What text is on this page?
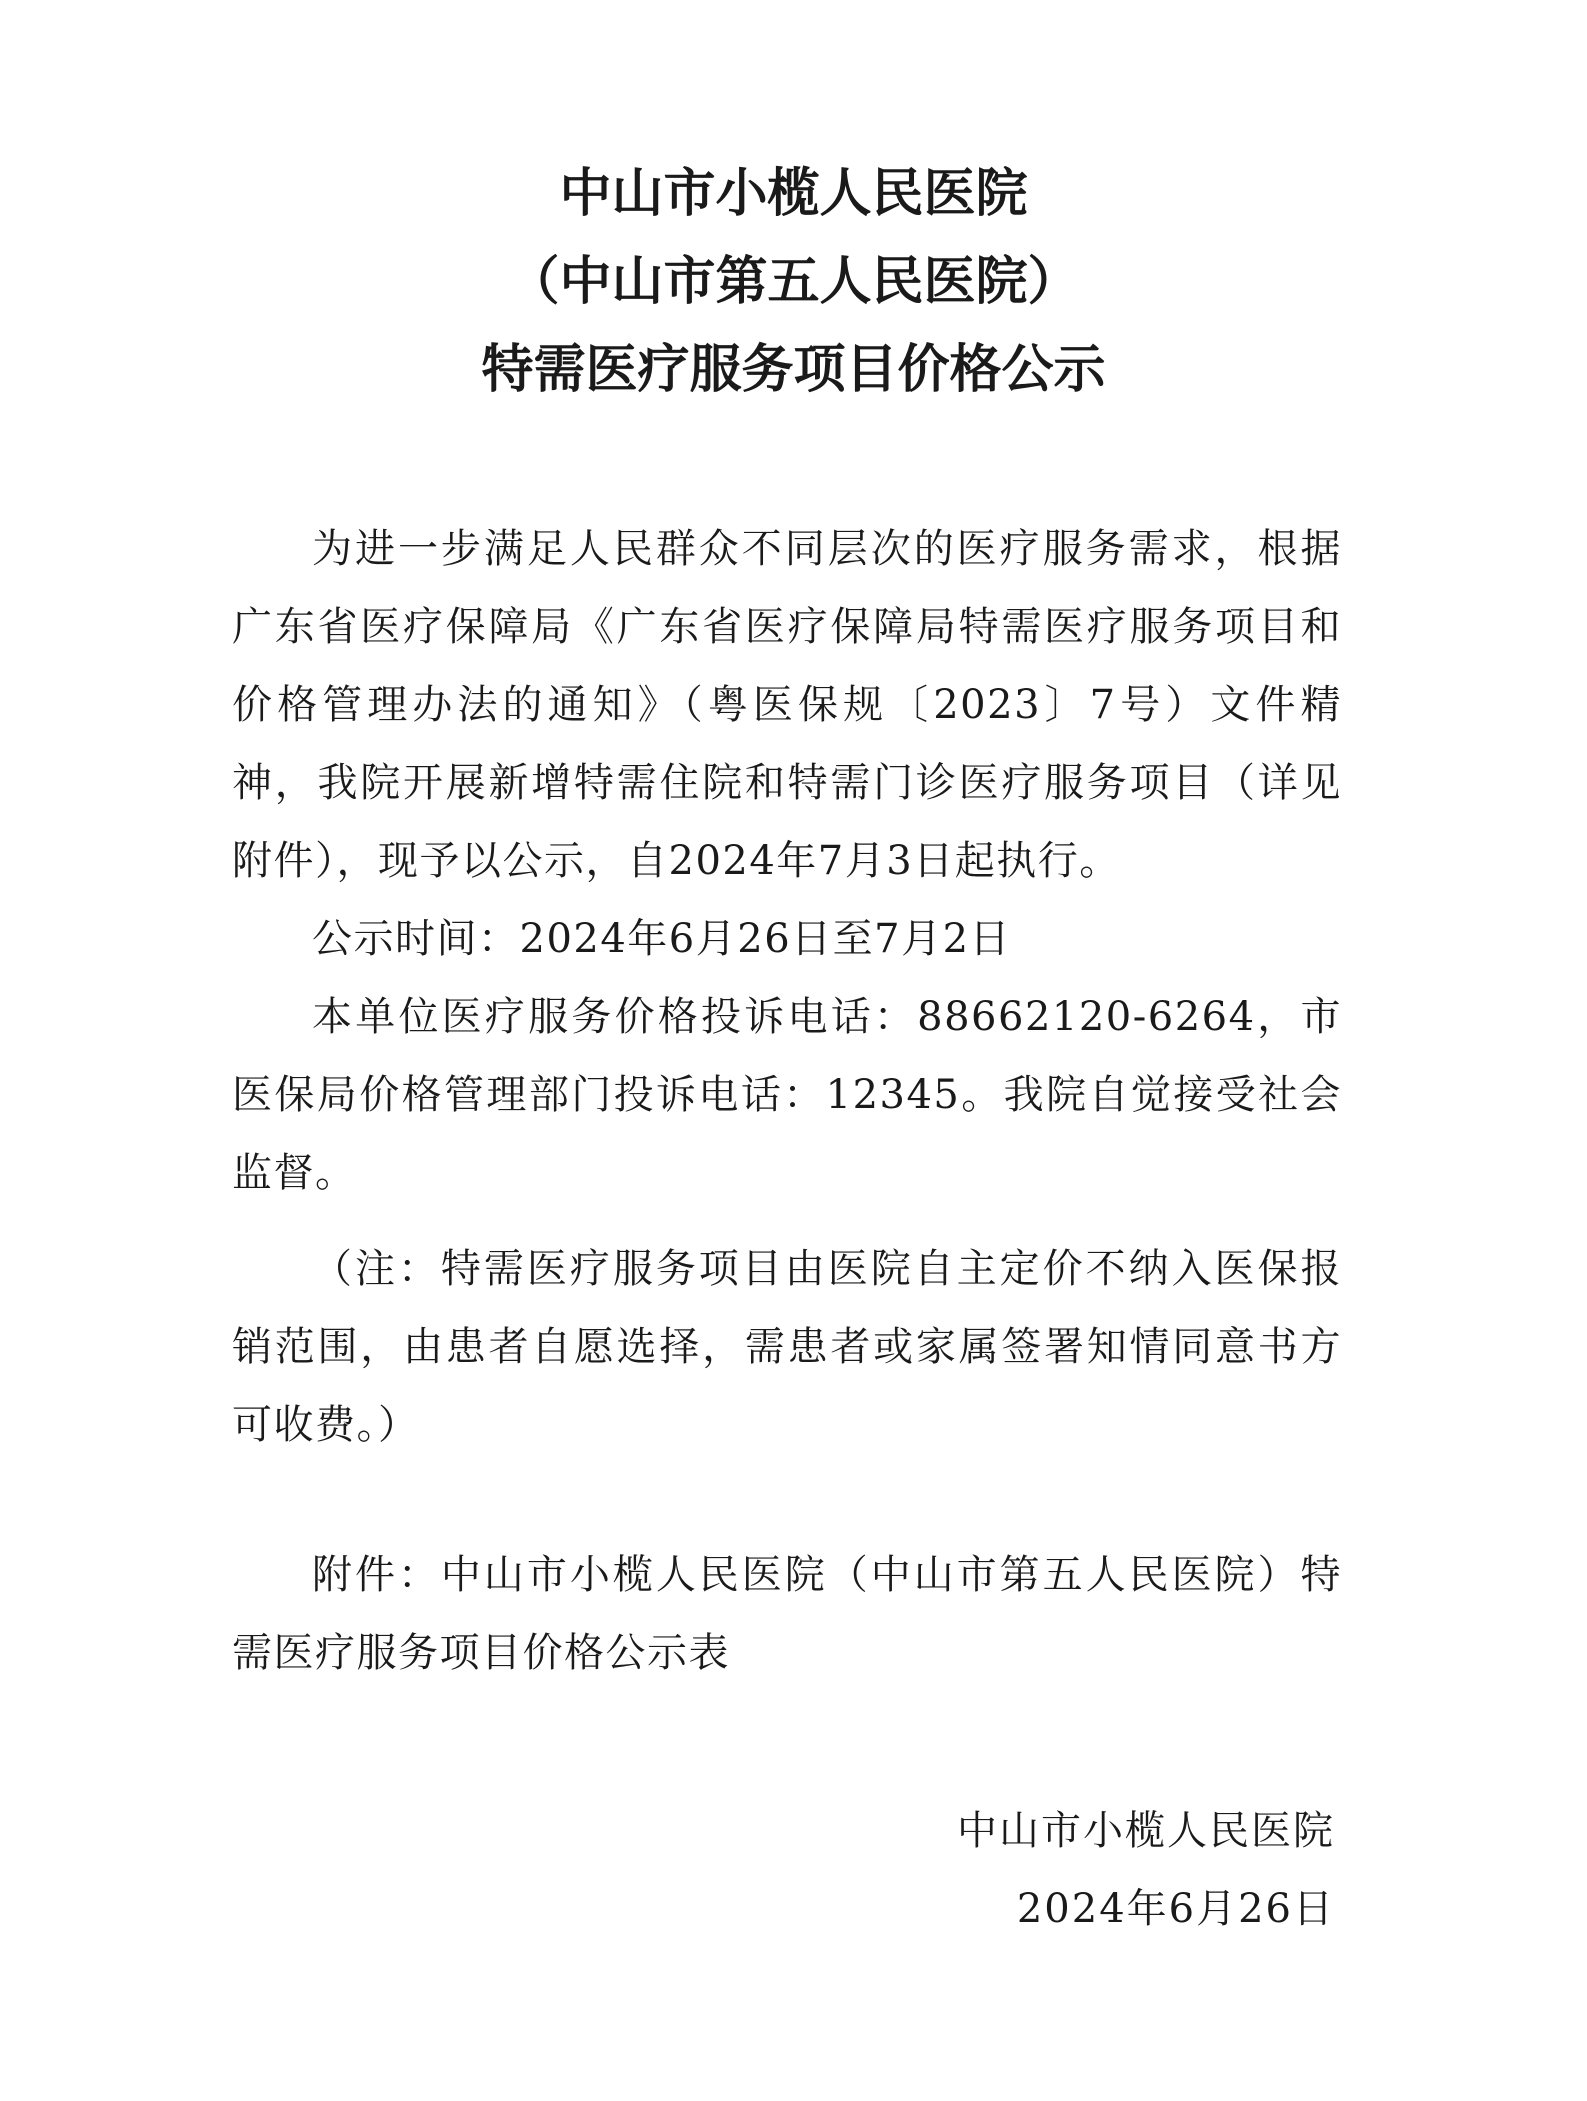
中山市小榄人民医院
（中山市第五人民医院）
特需医疗服务项目价格公示

为进一步满足人民群众不同层次的医疗服务需求，根据广东省医疗保障局《广东省医疗保障局特需医疗服务项目和价格管理办法的通知》（粤医保规〔2023〕7号）文件精神，我院开展新增特需住院和特需门诊医疗服务项目（详见附件），现予以公示，自2024年7月3日起执行。

公示时间：2024年6月26日至7月2日

本单位医疗服务价格投诉电话：88662120-6264，市医保局价格管理部门投诉电话：12345。我院自觉接受社会监督。

（注：特需医疗服务项目由医院自主定价不纳入医保报销范围，由患者自愿选择，需患者或家属签署知情同意书方可收费。）

附件：中山市小榄人民医院（中山市第五人民医院）特需医疗服务项目价格公示表

中山市小榄人民医院
2024年6月26日
